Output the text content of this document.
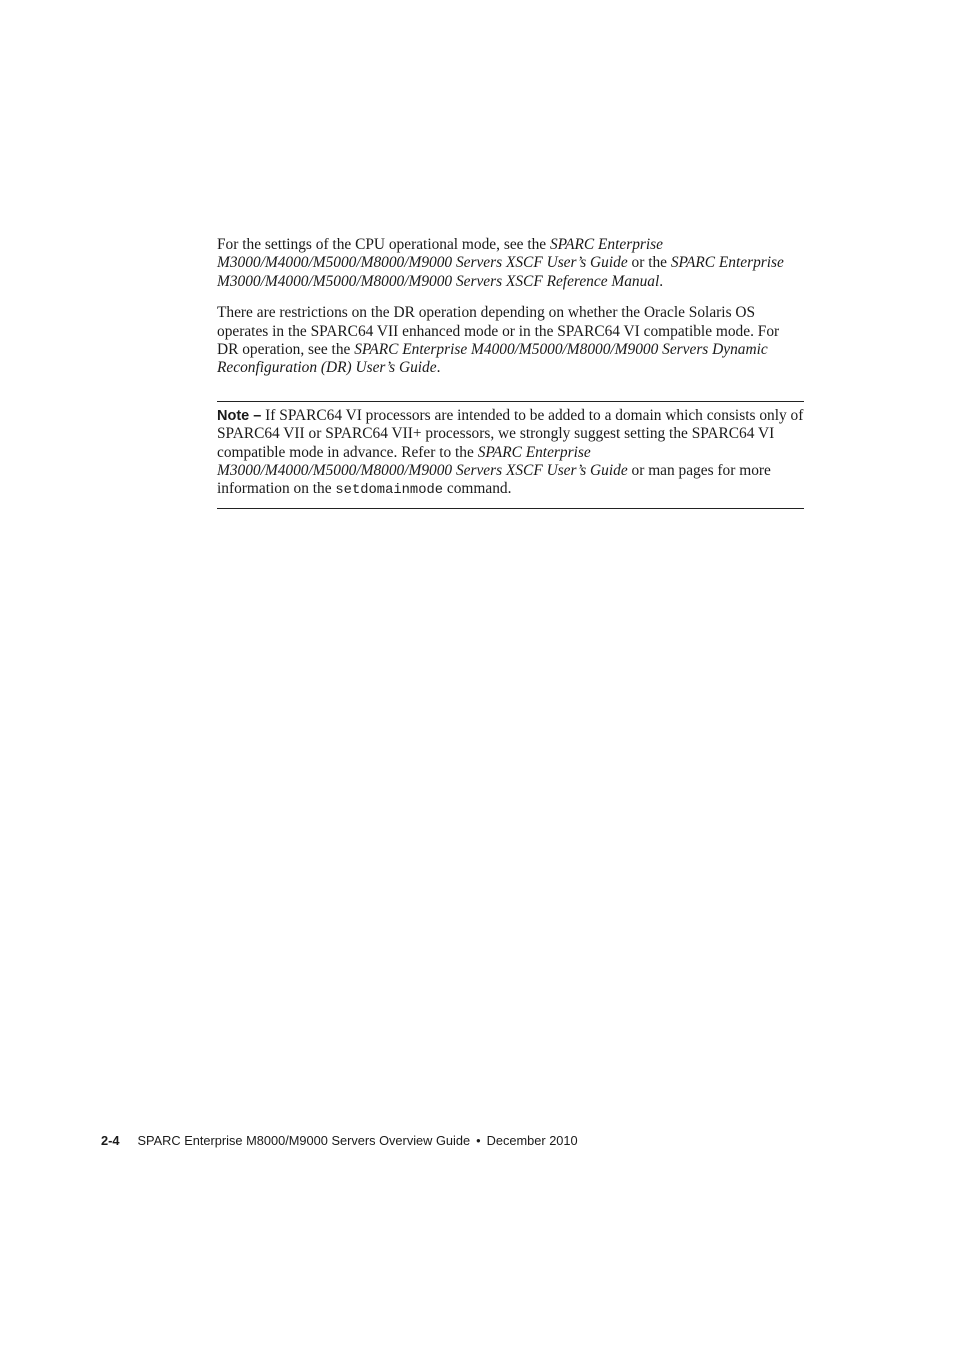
For the settings of the CPU operational mode, see the SPARC Enterprise M3000/M4000/M5000/M8000/M9000 Servers XSCF User’s Guide or the SPARC Enterprise M3000/M4000/M5000/M8000/M9000 Servers XSCF Reference Manual.

There are restrictions on the DR operation depending on whether the Oracle Solaris OS operates in the SPARC64 VII enhanced mode or in the SPARC64 VI compatible mode. For DR operation, see the SPARC Enterprise M4000/M5000/M8000/M9000 Servers Dynamic Reconfiguration (DR) User’s Guide.

Note – If SPARC64 VI processors are intended to be added to a domain which consists only of SPARC64 VII or SPARC64 VII+ processors, we strongly suggest setting the SPARC64 VI compatible mode in advance. Refer to the SPARC Enterprise M3000/M4000/M5000/M8000/M9000 Servers XSCF User’s Guide or man pages for more information on the setdomainmode command.
2-4 SPARC Enterprise M8000/M9000 Servers Overview Guide • December 2010
